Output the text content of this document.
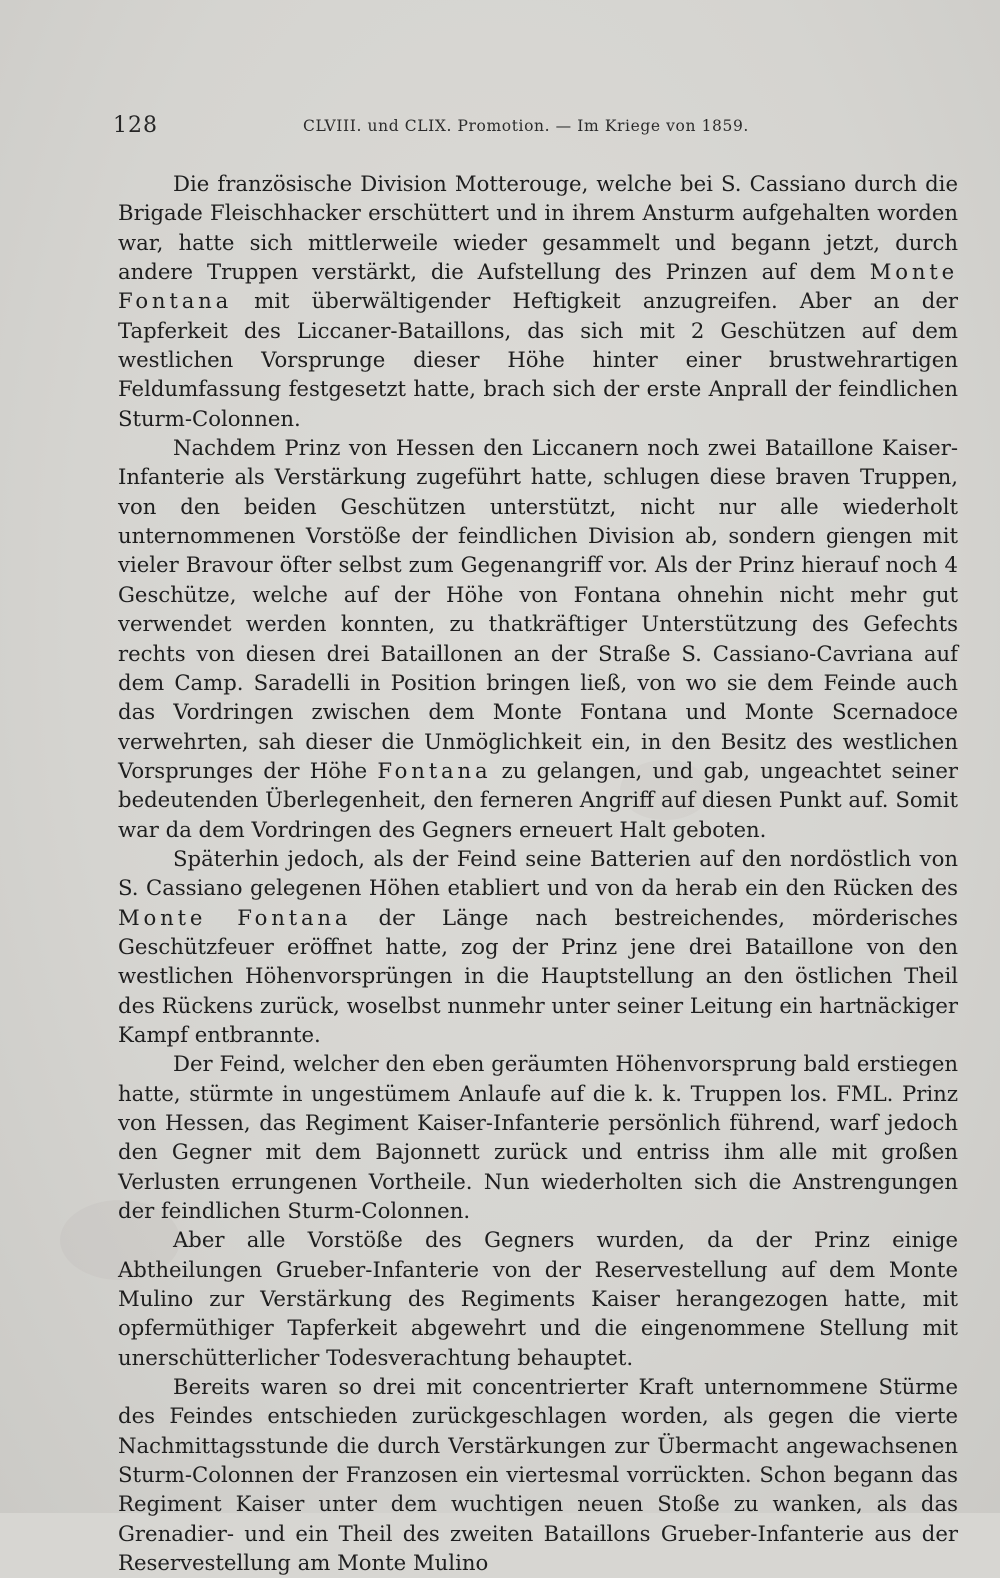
128	CLVIII. und CLIX. Promotion. — Im Kriege von 1859.

Die französische Division Motterouge, welche bei S. Cassiano durch die Brigade Fleischhacker erschüttert und in ihrem Ansturm aufgehalten worden war, hatte sich mittlerweile wieder gesammelt und begann jetzt, durch andere Truppen verstärkt, die Aufstellung des Prinzen auf dem Monte Fontana mit überwältigender Heftigkeit anzugreifen. Aber an der Tapferkeit des Liccaner-Bataillons, das sich mit 2 Geschützen auf dem westlichen Vorsprunge dieser Höhe hinter einer brustwehrartigen Feldumfassung festgesetzt hatte, brach sich der erste Anprall der feindlichen Sturm-Colonnen.

Nachdem Prinz von Hessen den Liccanern noch zwei Bataillone Kaiser-Infanterie als Verstärkung zugeführt hatte, schlugen diese braven Truppen, von den beiden Geschützen unterstützt, nicht nur alle wiederholt unternommenen Vorstöße der feindlichen Division ab, sondern giengen mit vieler Bravour öfter selbst zum Gegenangriff vor. Als der Prinz hierauf noch 4 Geschütze, welche auf der Höhe von Fontana ohnehin nicht mehr gut verwendet werden konnten, zu thatkräftiger Unterstützung des Gefechts rechts von diesen drei Bataillonen an der Straße S. Cassiano-Cavriana auf dem Camp. Saradelli in Position bringen ließ, von wo sie dem Feinde auch das Vordringen zwischen dem Monte Fontana und Monte Scernadoce verwehrten, sah dieser die Unmöglichkeit ein, in den Besitz des westlichen Vorsprunges der Höhe Fontana zu gelangen, und gab, ungeachtet seiner bedeutenden Überlegenheit, den ferneren Angriff auf diesen Punkt auf. Somit war da dem Vordringen des Gegners erneuert Halt geboten.

Späterhin jedoch, als der Feind seine Batterien auf den nordöstlich von S. Cassiano gelegenen Höhen etabliert und von da herab ein den Rücken des Monte Fontana der Länge nach bestreichendes, mörderisches Geschützfeuer eröffnet hatte, zog der Prinz jene drei Bataillone von den westlichen Höhenvorsprüngen in die Hauptstellung an den östlichen Theil des Rückens zurück, woselbst nunmehr unter seiner Leitung ein hartnäckiger Kampf entbrannte.

Der Feind, welcher den eben geräumten Höhenvorsprung bald erstiegen hatte, stürmte in ungestümem Anlaufe auf die k. k. Truppen los. FML. Prinz von Hessen, das Regiment Kaiser-Infanterie persönlich führend, warf jedoch den Gegner mit dem Bajonnett zurück und entriss ihm alle mit großen Verlusten errungenen Vortheile. Nun wiederholten sich die Anstrengungen der feindlichen Sturm-Colonnen.

Aber alle Vorstöße des Gegners wurden, da der Prinz einige Abtheilungen Grueber-Infanterie von der Reservestellung auf dem Monte Mulino zur Verstärkung des Regiments Kaiser herangezogen hatte, mit opfermüthiger Tapferkeit abgewehrt und die eingenommene Stellung mit unerschütterlicher Todesverachtung behauptet.

Bereits waren so drei mit concentrierter Kraft unternommene Stürme des Feindes entschieden zurückgeschlagen worden, als gegen die vierte Nachmittagsstunde die durch Verstärkungen zur Übermacht angewachsenen Sturm-Colonnen der Franzosen ein viertesmal vorrückten. Schon begann das Regiment Kaiser unter dem wuchtigen neuen Stoße zu wanken, als das Grenadier- und ein Theil des zweiten Bataillons Grueber-Infanterie aus der Reservestellung am Monte Mulino
